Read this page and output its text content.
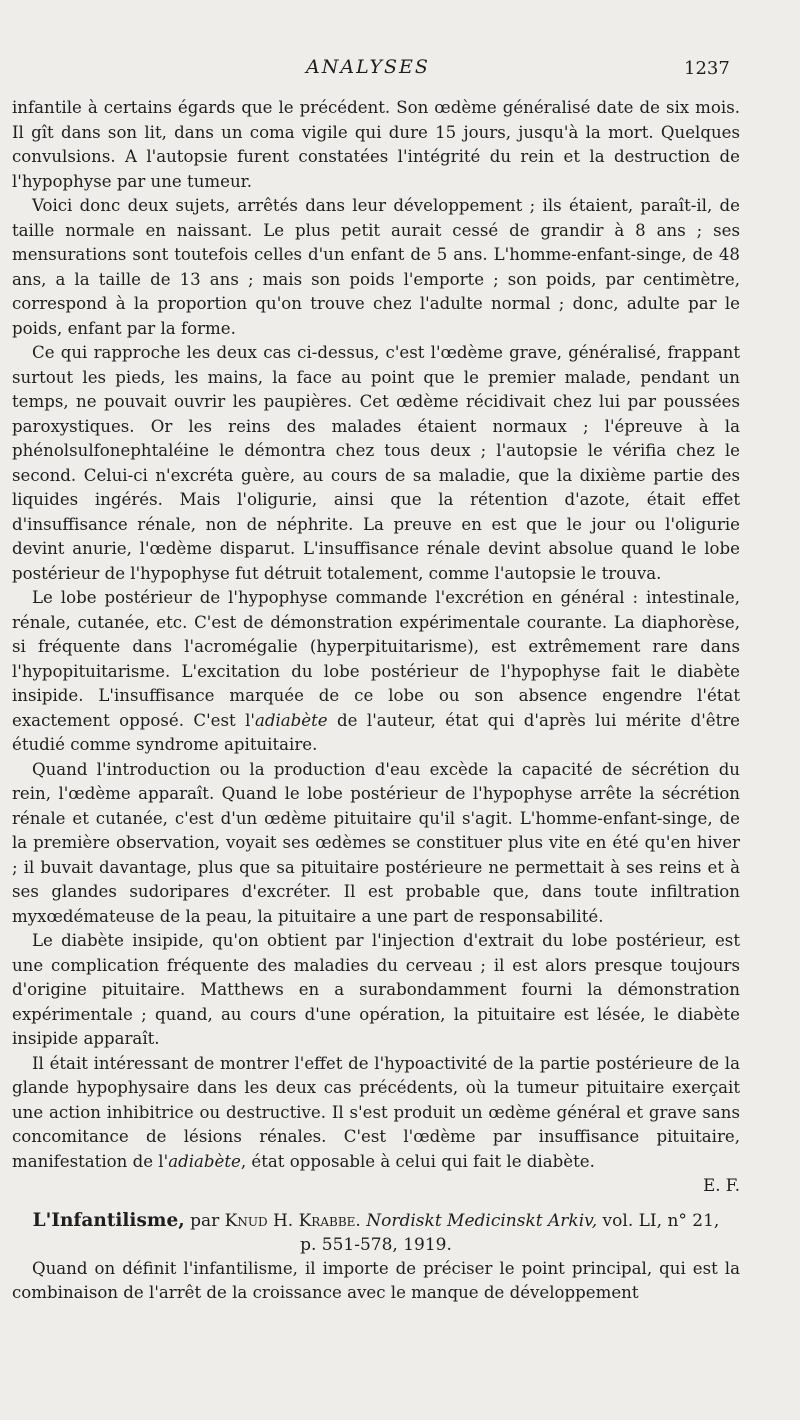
ANALYSES	1237

infantile à certains égards que le précédent. Son œdème généralisé date de six mois. Il gît dans son lit, dans un coma vigile qui dure 15 jours, jusqu'à la mort. Quelques convulsions. A l'autopsie furent constatées l'intégrité du rein et la destruction de l'hypophyse par une tumeur.

Voici donc deux sujets, arrêtés dans leur développement ; ils étaient, paraît-il, de taille normale en naissant. Le plus petit aurait cessé de grandir à 8 ans ; ses mensurations sont toutefois celles d'un enfant de 5 ans. L'homme-enfant-singe, de 48 ans, a la taille de 13 ans ; mais son poids l'emporte ; son poids, par centimètre, correspond à la proportion qu'on trouve chez l'adulte normal ; donc, adulte par le poids, enfant par la forme.

Ce qui rapproche les deux cas ci-dessus, c'est l'œdème grave, généralisé, frappant surtout les pieds, les mains, la face au point que le premier malade, pendant un temps, ne pouvait ouvrir les paupières. Cet œdème récidivait chez lui par poussées paroxystiques. Or les reins des malades étaient normaux ; l'épreuve à la phénolsulfonephtaléine le démontra chez tous deux ; l'autopsie le vérifia chez le second. Celui-ci n'excréta guère, au cours de sa maladie, que la dixième partie des liquides ingérés. Mais l'oligurie, ainsi que la rétention d'azote, était effet d'insuffisance rénale, non de néphrite. La preuve en est que le jour ou l'oligurie devint anurie, l'œdème disparut. L'insuffisance rénale devint absolue quand le lobe postérieur de l'hypophyse fut détruit totalement, comme l'autopsie le trouva.

Le lobe postérieur de l'hypophyse commande l'excrétion en général : intestinale, rénale, cutanée, etc. C'est de démonstration expérimentale courante. La diaphorèse, si fréquente dans l'acromégalie (hyperpituitarisme), est extrêmement rare dans l'hypopituitarisme. L'excitation du lobe postérieur de l'hypophyse fait le diabète insipide. L'insuffisance marquée de ce lobe ou son absence engendre l'état exactement opposé. C'est l'adiabète de l'auteur, état qui d'après lui mérite d'être étudié comme syndrome apituitaire.

Quand l'introduction ou la production d'eau excède la capacité de sécrétion du rein, l'œdème apparaît. Quand le lobe postérieur de l'hypophyse arrête la sécrétion rénale et cutanée, c'est d'un œdème pituitaire qu'il s'agit. L'homme-enfant-singe, de la première observation, voyait ses œdèmes se constituer plus vite en été qu'en hiver ; il buvait davantage, plus que sa pituitaire postérieure ne permettait à ses reins et à ses glandes sudoripares d'excréter. Il est probable que, dans toute infiltration myxœdémateuse de la peau, la pituitaire a une part de responsabilité.

Le diabète insipide, qu'on obtient par l'injection d'extrait du lobe postérieur, est une complication fréquente des maladies du cerveau ; il est alors presque toujours d'origine pituitaire. Matthews en a surabondamment fourni la démonstration expérimentale ; quand, au cours d'une opération, la pituitaire est lésée, le diabète insipide apparaît.

Il était intéressant de montrer l'effet de l'hypoactivité de la partie postérieure de la glande hypophysaire dans les deux cas précédents, où la tumeur pituitaire exerçait une action inhibitrice ou destructive. Il s'est produit un œdème général et grave sans concomitance de lésions rénales. C'est l'œdème par insuffisance pituitaire, manifestation de l'adiabète, état opposable à celui qui fait le diabète.

E. F.

L'Infantilisme, par Knud H. Krabbe. Nordiskt Medicinskt Arkiv, vol. LI, n° 21,
p. 551-578, 1919.

Quand on définit l'infantilisme, il importe de préciser le point principal, qui est la combinaison de l'arrêt de la croissance avec le manque de développement
